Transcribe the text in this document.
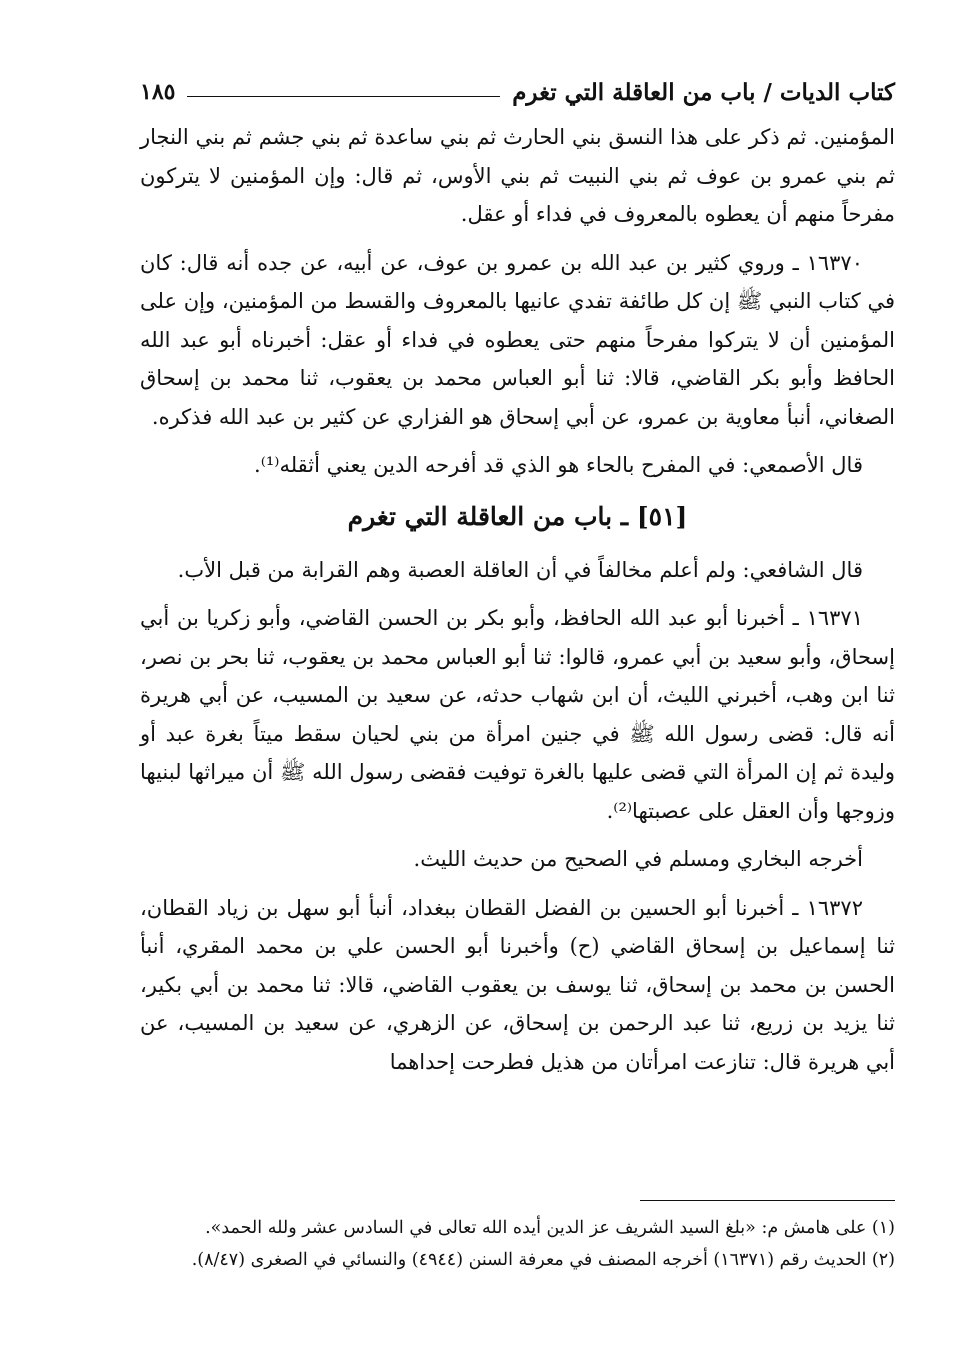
كتاب الديات / باب من العاقلة التي تغرم
١٨٥

المؤمنين. ثم ذكر على هذا النسق بني الحارث ثم بني ساعدة ثم بني جشم ثم بني النجار ثم بني عمرو بن عوف ثم بني النبيت ثم بني الأوس، ثم قال: وإن المؤمنين لا يتركون مفرحاً منهم أن يعطوه بالمعروف في فداء أو عقل.

١٦٣٧٠ ـ وروي كثير بن عبد الله بن عمرو بن عوف، عن أبيه، عن جده أنه قال: كان في كتاب النبي ﷺ إن كل طائفة تفدي عانيها بالمعروف والقسط من المؤمنين، وإن على المؤمنين أن لا يتركوا مفرحاً منهم حتى يعطوه في فداء أو عقل: أخبرناه أبو عبد الله الحافظ وأبو بكر القاضي، قالا: ثنا أبو العباس محمد بن يعقوب، ثنا محمد بن إسحاق الصغاني، أنبأ معاوية بن عمرو، عن أبي إسحاق هو الفزاري عن كثير بن عبد الله فذكره.

قال الأصمعي: في المفرح بالحاء هو الذي قد أفرحه الدين يعني أثقله⁽¹⁾.

[٥١] ـ باب من العاقلة التي تغرم

قال الشافعي: ولم أعلم مخالفاً في أن العاقلة العصبة وهم القرابة من قبل الأب.

١٦٣٧١ ـ أخبرنا أبو عبد الله الحافظ، وأبو بكر بن الحسن القاضي، وأبو زكريا بن أبي إسحاق، وأبو سعيد بن أبي عمرو، قالوا: ثنا أبو العباس محمد بن يعقوب، ثنا بحر بن نصر، ثنا ابن وهب، أخبرني الليث، أن ابن شهاب حدثه، عن سعيد بن المسيب، عن أبي هريرة أنه قال: قضى رسول الله ﷺ في جنين امرأة من بني لحيان سقط ميتاً بغرة عبد أو وليدة ثم إن المرأة التي قضى عليها بالغرة توفيت فقضى رسول الله ﷺ أن ميراثها لبنيها وزوجها وأن العقل على عصبتها⁽²⁾.

أخرجه البخاري ومسلم في الصحيح من حديث الليث.

١٦٣٧٢ ـ أخبرنا أبو الحسين بن الفضل القطان ببغداد، أنبأ أبو سهل بن زياد القطان، ثنا إسماعيل بن إسحاق القاضي (ح) وأخبرنا أبو الحسن علي بن محمد المقري، أنبأ الحسن بن محمد بن إسحاق، ثنا يوسف بن يعقوب القاضي، قالا: ثنا محمد بن أبي بكير، ثنا يزيد بن زريع، ثنا عبد الرحمن بن إسحاق، عن الزهري، عن سعيد بن المسيب، عن أبي هريرة قال: تنازعت امرأتان من هذيل فطرحت إحداهما

(١) على هامش م: «بلغ السيد الشريف عز الدين أيده الله تعالى في السادس عشر ولله الحمد».

(٢) الحديث رقم (١٦٣٧١) أخرجه المصنف في معرفة السنن (٤٩٤٤) والنسائي في الصغرى (٨/٤٧).
